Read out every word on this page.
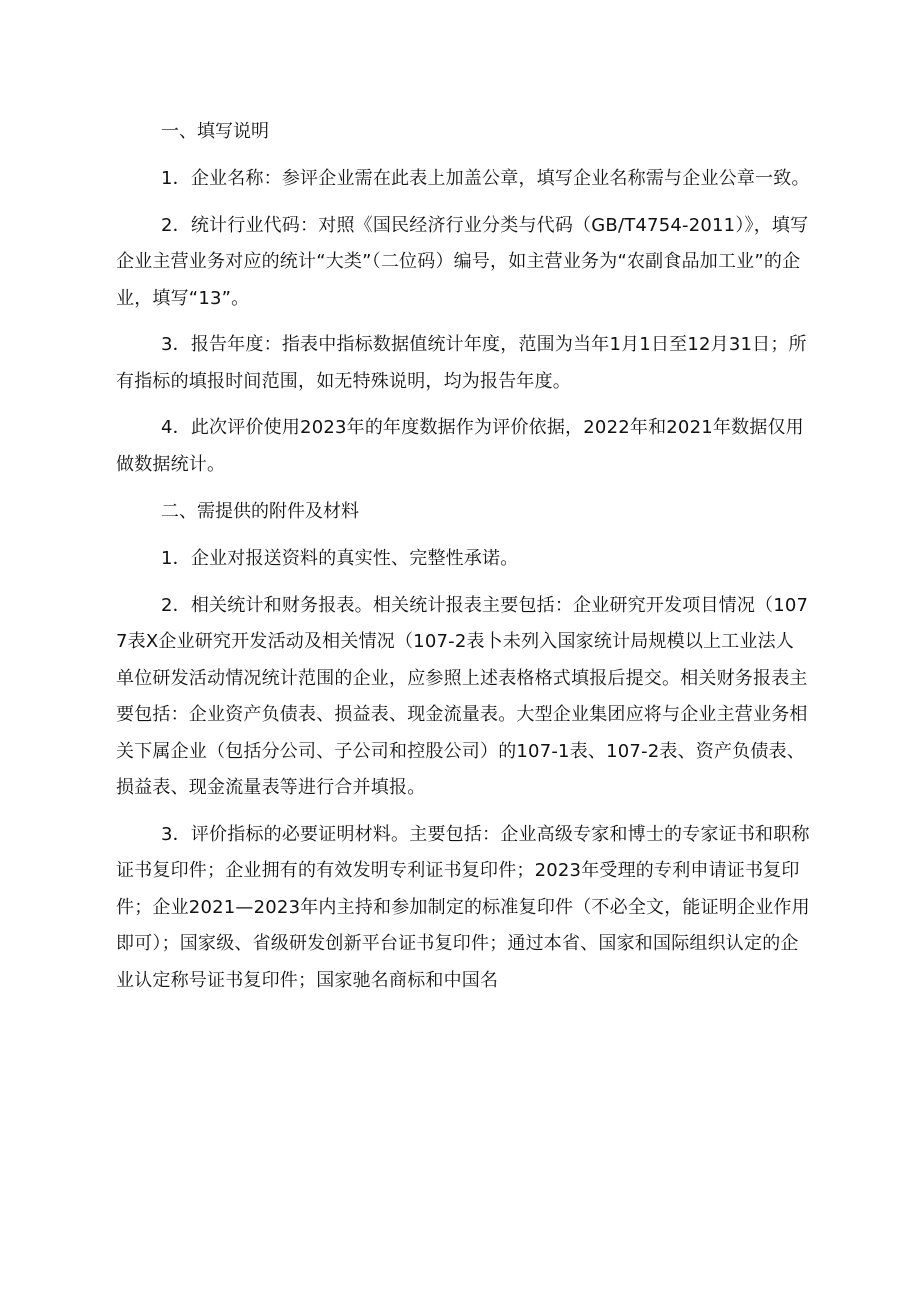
一、填写说明
1．企业名称：参评企业需在此表上加盖公章，填写企业名称需与企业公章一致。
2．统计行业代码：对照《国民经济行业分类与代码（GB/T4754-2011）》，填写企业主营业务对应的统计“大类”（二位码）编号，如主营业务为“农副食品加工业”的企业，填写“13”。
3．报告年度：指表中指标数据值统计年度，范围为当年1月1日至12月31日；所有指标的填报时间范围，如无特殊说明，均为报告年度。
4．此次评价使用2023年的年度数据作为评价依据，2022年和2021年数据仅用做数据统计。
二、需提供的附件及材料
1．企业对报送资料的真实性、完整性承诺。
2．相关统计和财务报表。相关统计报表主要包括：企业研究开发项目情况（1077表X企业研究开发活动及相关情况（107-2表卜未列入国家统计局规模以上工业法人单位研发活动情况统计范围的企业，应参照上述表格格式填报后提交。相关财务报表主要包括：企业资产负债表、损益表、现金流量表。大型企业集团应将与企业主营业务相关下属企业（包括分公司、子公司和控股公司）的107-1表、107-2表、资产负债表、损益表、现金流量表等进行合并填报。
3．评价指标的必要证明材料。主要包括：企业高级专家和博士的专家证书和职称证书复印件；企业拥有的有效发明专利证书复印件；2023年受理的专利申请证书复印件；企业2021—2023年内主持和参加制定的标准复印件（不必全文，能证明企业作用即可）；国家级、省级研发创新平台证书复印件；通过本省、国家和国际组织认定的企业认定称号证书复印件；国家驰名商标和中国名
